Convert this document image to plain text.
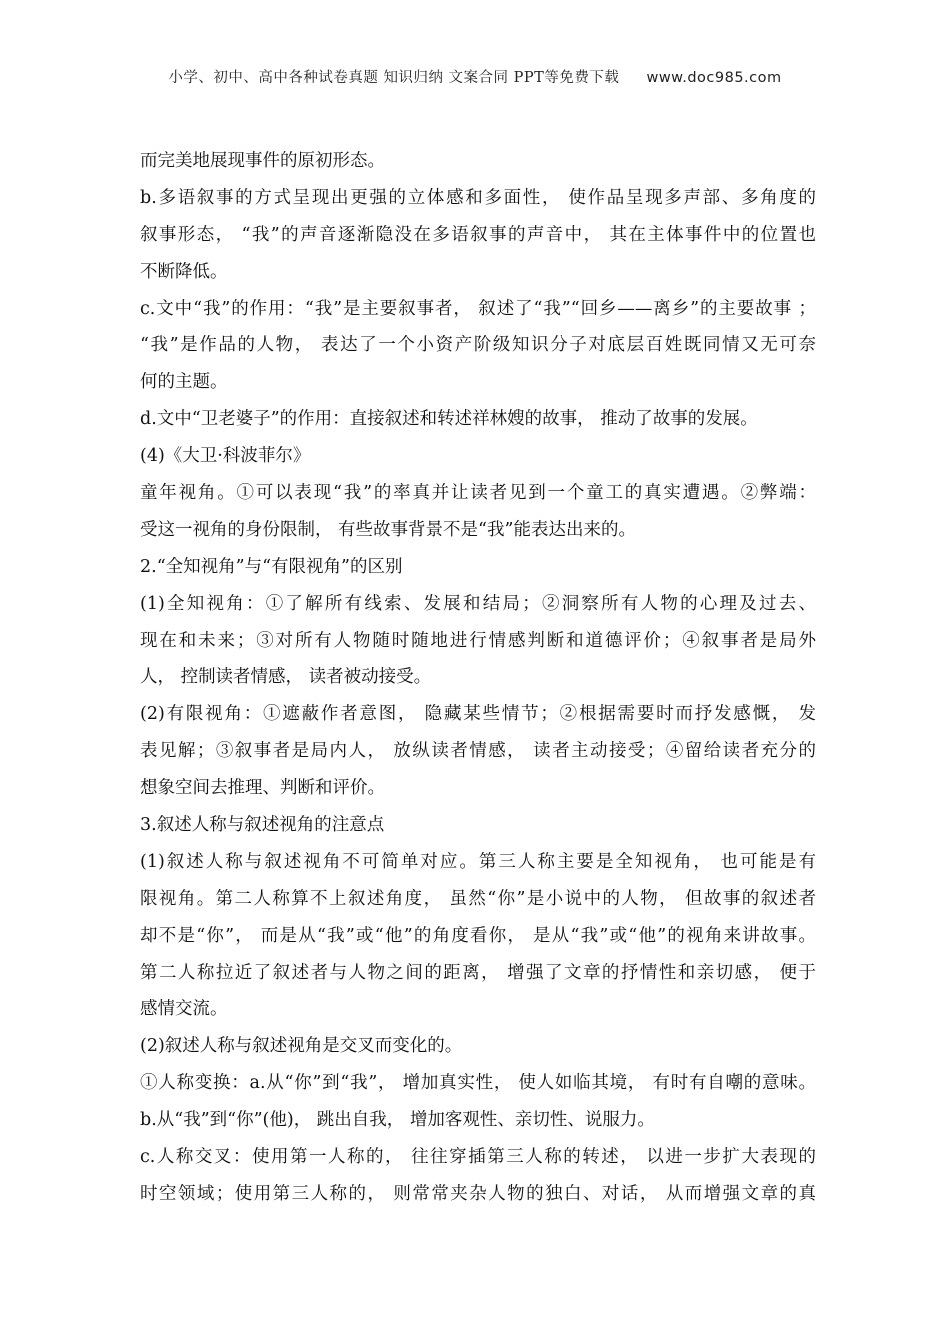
小学、初中、高中各种试卷真题 知识归纳 文案合同 PPT等免费下载 www.doc985.com
而完美地展现事件的原初形态。
b.多语叙事的方式呈现出更强的立体感和多面性， 使作品呈现多声部、多角度的
叙事形态， “我”的声音逐渐隐没在多语叙事的声音中， 其在主体事件中的位置也
不断降低。
c.文中“我”的作用：“我”是主要叙事者， 叙述了“我”“回乡——离乡”的主要故事 ；
“我”是作品的人物， 表达了一个小资产阶级知识分子对底层百姓既同情又无可奈
何的主题。
d.文中“卫老婆子”的作用：直接叙述和转述祥林嫂的故事， 推动了故事的发展。
(4)《大卫·科波菲尔》
童年视角。①可以表现“我”的率真并让读者见到一个童工的真实遭遇。②弊端：
受这一视角的身份限制， 有些故事背景不是“我”能表达出来的。
2.“全知视角”与“有限视角”的区别
(1)全知视角：①了解所有线索、发展和结局；②洞察所有人物的心理及过去、
现在和未来；③对所有人物随时随地进行情感判断和道德评价；④叙事者是局外
人， 控制读者情感， 读者被动接受。
(2)有限视角：①遮蔽作者意图， 隐藏某些情节；②根据需要时而抒发感慨， 发
表见解；③叙事者是局内人， 放纵读者情感， 读者主动接受；④留给读者充分的
想象空间去推理、判断和评价。
3.叙述人称与叙述视角的注意点
(1)叙述人称与叙述视角不可简单对应。第三人称主要是全知视角， 也可能是有
限视角。第二人称算不上叙述角度， 虽然“你”是小说中的人物， 但故事的叙述者
却不是“你”， 而是从“我”或“他”的角度看你， 是从“我”或“他”的视角来讲故事。
第二人称拉近了叙述者与人物之间的距离， 增强了文章的抒情性和亲切感， 便于
感情交流。
(2)叙述人称与叙述视角是交叉而变化的。
①人称变换：a.从“你”到“我”， 增加真实性， 使人如临其境， 有时有自嘲的意味。
b.从“我”到“你”(他)， 跳出自我， 增加客观性、亲切性、说服力。
c.人称交叉：使用第一人称的， 往往穿插第三人称的转述， 以进一步扩大表现的
时空领域；使用第三人称的， 则常常夹杂人物的独白、对话， 从而增强文章的真
